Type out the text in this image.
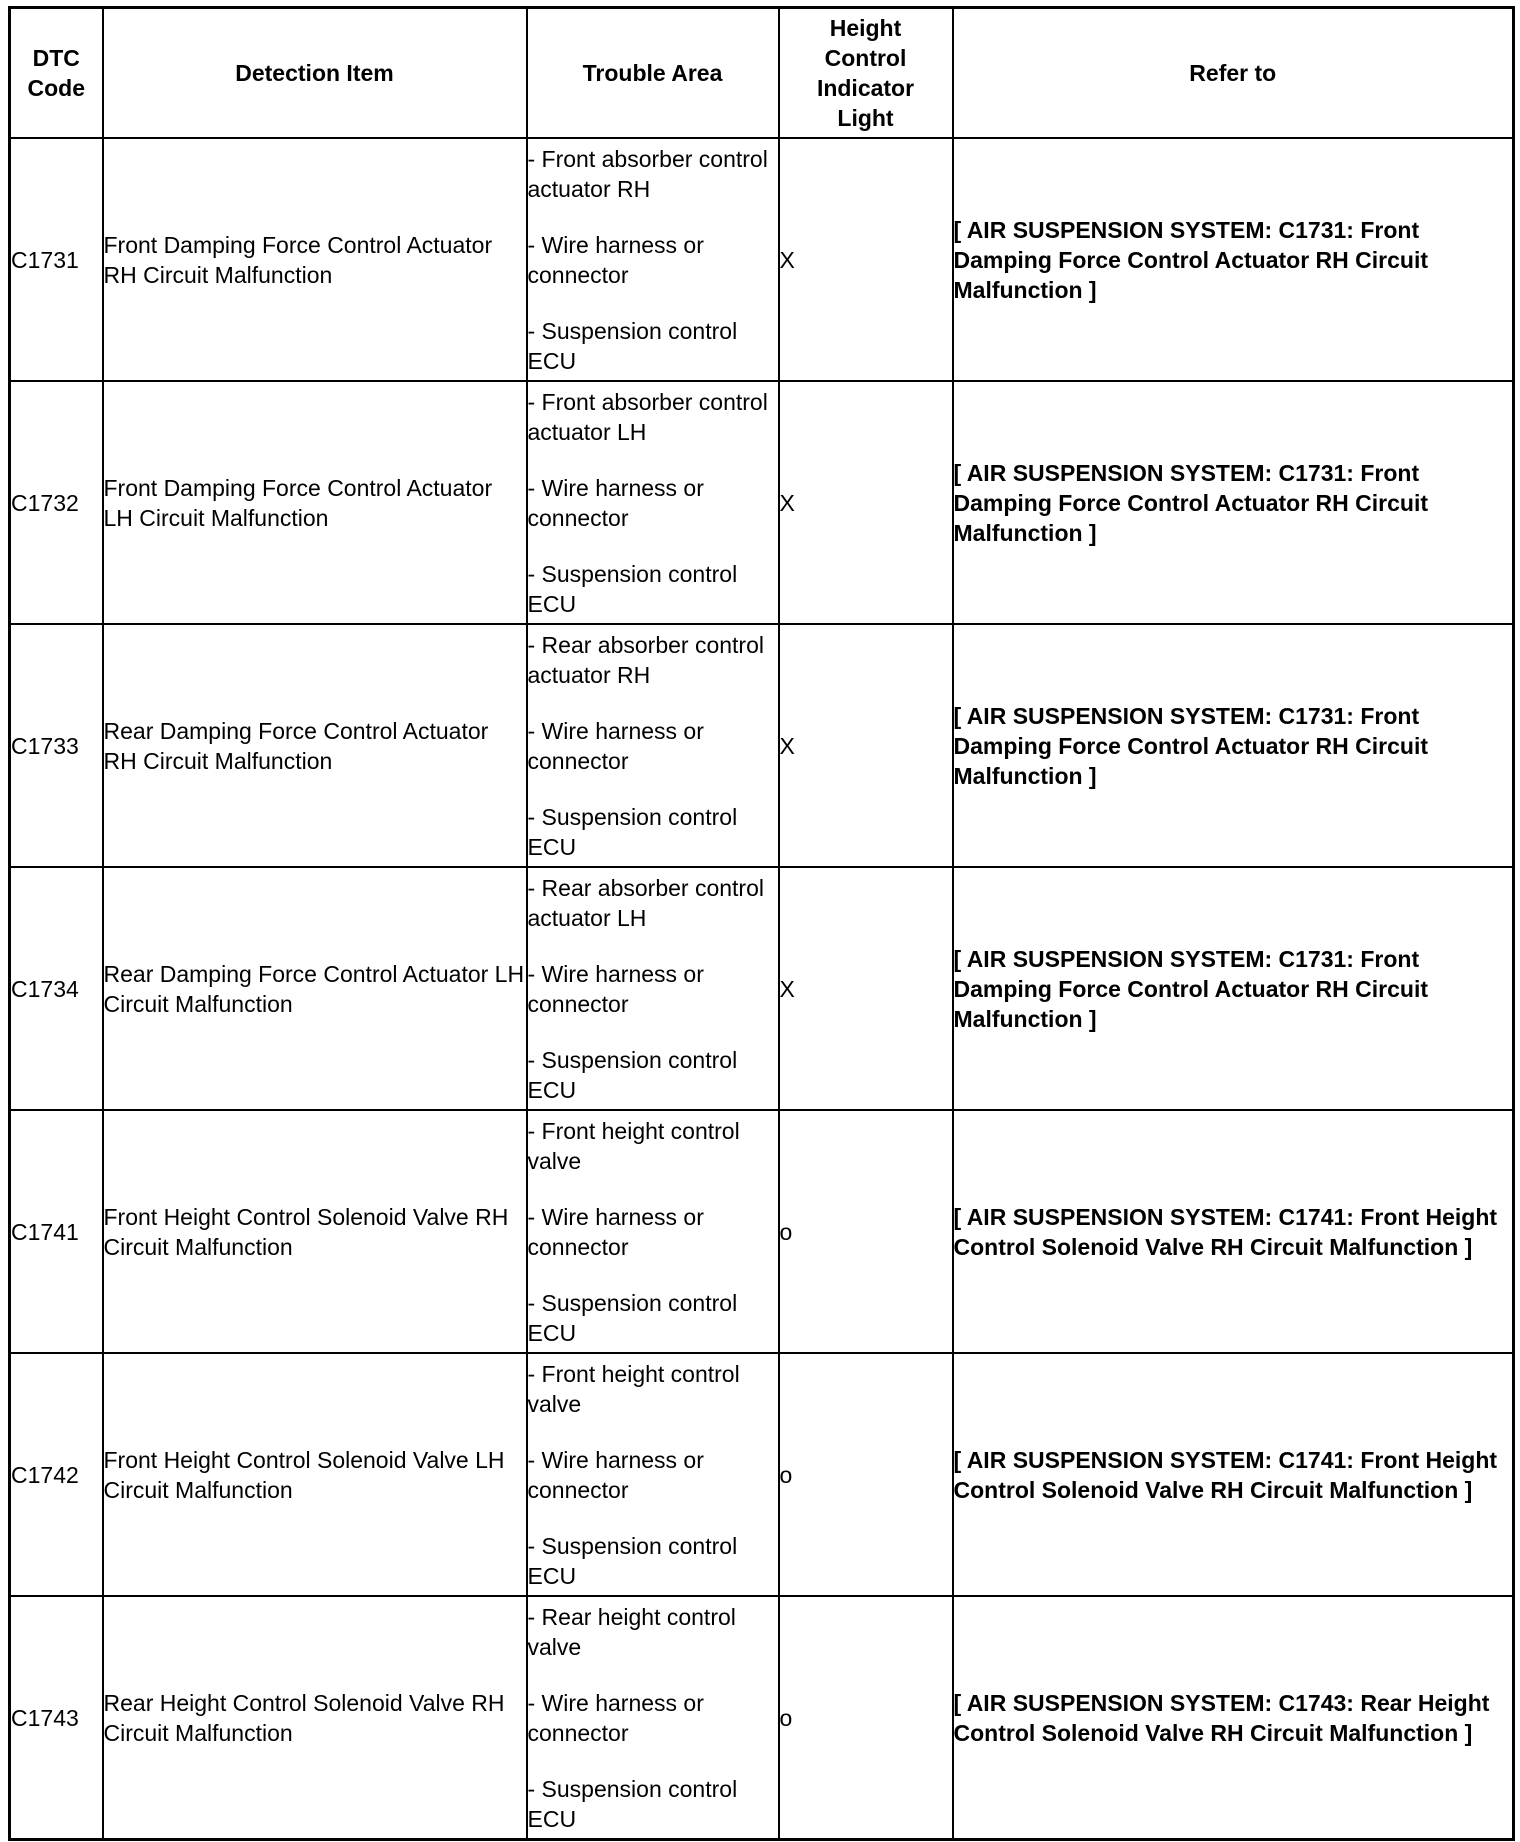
DTC Code	Detection Item	Trouble Area	Height Control Indicator Light	Refer to
C1731	Front Damping Force Control Actuator RH Circuit Malfunction	- Front absorber control actuator RH
- Wire harness or connector
- Suspension control ECU	X	[ AIR SUSPENSION SYSTEM: C1731: Front Damping Force Control Actuator RH Circuit Malfunction ]
C1732	Front Damping Force Control Actuator LH Circuit Malfunction	- Front absorber control actuator LH
- Wire harness or connector
- Suspension control ECU	X	[ AIR SUSPENSION SYSTEM: C1731: Front Damping Force Control Actuator RH Circuit Malfunction ]
C1733	Rear Damping Force Control Actuator RH Circuit Malfunction	- Rear absorber control actuator RH
- Wire harness or connector
- Suspension control ECU	X	[ AIR SUSPENSION SYSTEM: C1731: Front Damping Force Control Actuator RH Circuit Malfunction ]
C1734	Rear Damping Force Control Actuator LH Circuit Malfunction	- Rear absorber control actuator LH
- Wire harness or connector
- Suspension control ECU	X	[ AIR SUSPENSION SYSTEM: C1731: Front Damping Force Control Actuator RH Circuit Malfunction ]
C1741	Front Height Control Solenoid Valve RH Circuit Malfunction	- Front height control valve
- Wire harness or connector
- Suspension control ECU	o	[ AIR SUSPENSION SYSTEM: C1741: Front Height Control Solenoid Valve RH Circuit Malfunction ]
C1742	Front Height Control Solenoid Valve LH Circuit Malfunction	- Front height control valve
- Wire harness or connector
- Suspension control ECU	o	[ AIR SUSPENSION SYSTEM: C1741: Front Height Control Solenoid Valve RH Circuit Malfunction ]
C1743	Rear Height Control Solenoid Valve RH Circuit Malfunction	- Rear height control valve
- Wire harness or connector
- Suspension control ECU	o	[ AIR SUSPENSION SYSTEM: C1743: Rear Height Control Solenoid Valve RH Circuit Malfunction ]
